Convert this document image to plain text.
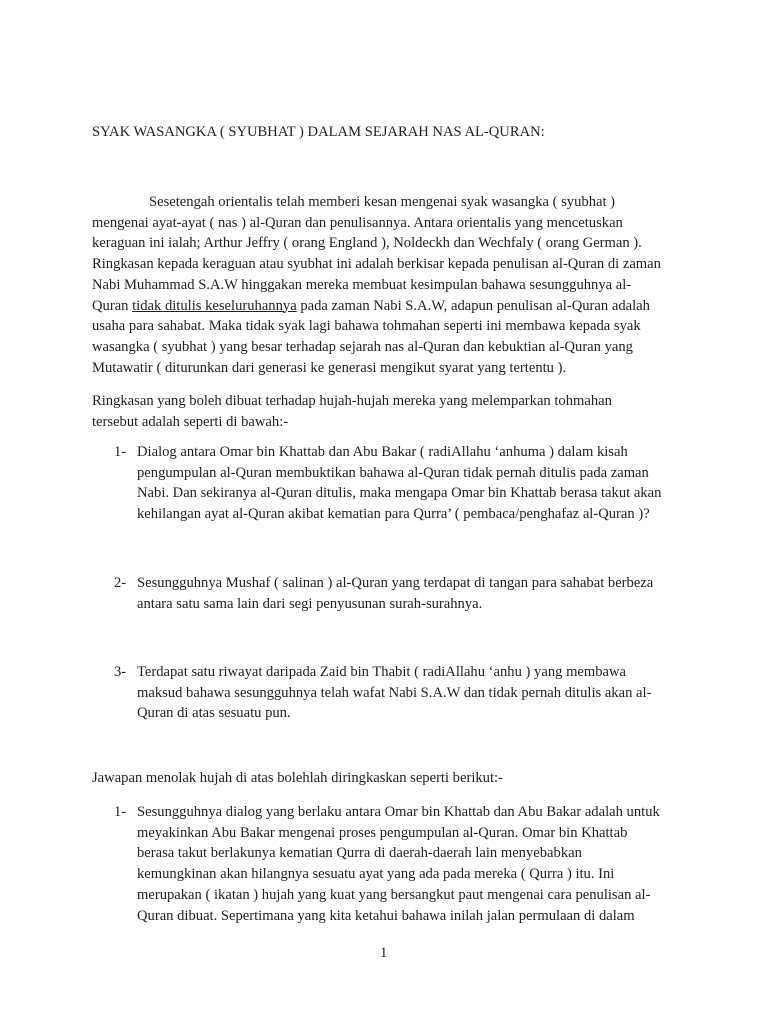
SYAK WASANGKA ( SYUBHAT ) DALAM SEJARAH NAS AL-QURAN:
Sesetengah orientalis telah memberi kesan mengenai syak wasangka ( syubhat )
mengenai ayat-ayat ( nas ) al-Quran dan penulisannya. Antara orientalis yang mencetuskan
keraguan ini ialah; Arthur Jeffry ( orang England ), Noldeckh dan Wechfaly ( orang German ).
Ringkasan kepada keraguan atau syubhat ini adalah berkisar kepada penulisan al-Quran di zaman
Nabi Muhammad S.A.W hinggakan mereka membuat kesimpulan bahawa sesungguhnya al-
Quran tidak ditulis keseluruhannya pada zaman Nabi S.A.W, adapun penulisan al-Quran adalah
usaha para sahabat. Maka tidak syak lagi bahawa tohmahan seperti ini membawa kepada syak
wasangka ( syubhat ) yang besar terhadap sejarah nas al-Quran dan kebuktian al-Quran yang
Mutawatir ( diturunkan dari generasi ke generasi mengikut syarat yang tertentu ).
Ringkasan yang boleh dibuat terhadap hujah-hujah mereka yang melemparkan tohmahan
tersebut adalah seperti di bawah:-
1- Dialog antara Omar bin Khattab dan Abu Bakar ( radiAllahu ‘anhuma ) dalam kisah
pengumpulan al-Quran membuktikan bahawa al-Quran tidak pernah ditulis pada zaman
Nabi. Dan sekiranya al-Quran ditulis, maka mengapa Omar bin Khattab berasa takut akan
kehilangan ayat al-Quran akibat kematian para Qurra’ ( pembaca/penghafaz al-Quran )?
2- Sesungguhnya Mushaf ( salinan ) al-Quran yang terdapat di tangan para sahabat berbeza
antara satu sama lain dari segi penyusunan surah-surahnya.
3- Terdapat satu riwayat daripada Zaid bin Thabit ( radiAllahu ‘anhu ) yang membawa
maksud bahawa sesungguhnya telah wafat Nabi S.A.W dan tidak pernah ditulis akan al-
Quran di atas sesuatu pun.
Jawapan menolak hujah di atas bolehlah diringkaskan seperti berikut:-
1- Sesungguhnya dialog yang berlaku antara Omar bin Khattab dan Abu Bakar adalah untuk
meyakinkan Abu Bakar mengenai proses pengumpulan al-Quran. Omar bin Khattab
berasa takut berlakunya kematian Qurra di daerah-daerah lain menyebabkan
kemungkinan akan hilangnya sesuatu ayat yang ada pada mereka ( Qurra ) itu. Ini
merupakan ( ikatan ) hujah yang kuat yang bersangkut paut mengenai cara penulisan al-
Quran dibuat. Sepertimana yang kita ketahui bahawa inilah jalan permulaan di dalam
1
